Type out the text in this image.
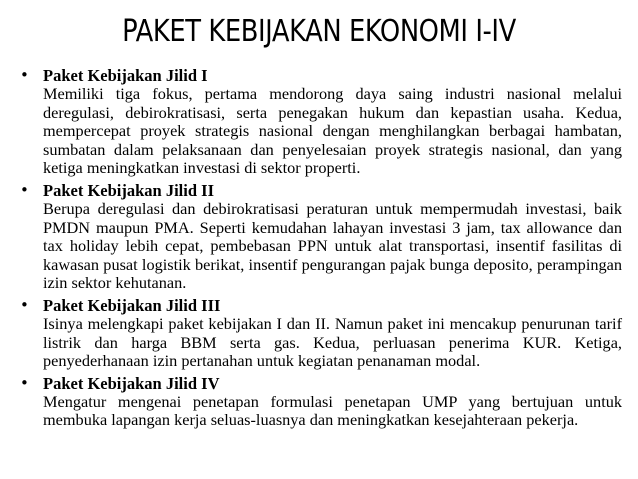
PAKET KEBIJAKAN EKONOMI I-IV
• Paket Kebijakan Jilid I
Memiliki tiga fokus, pertama mendorong daya saing industri nasional melalui deregulasi, debirokratisasi, serta penegakan hukum dan kepastian usaha. Kedua, mempercepat proyek strategis nasional dengan menghilangkan berbagai hambatan, sumbatan dalam pelaksanaan dan penyelesaian proyek strategis nasional, dan yang ketiga meningkatkan investasi di sektor properti.
• Paket Kebijakan Jilid II
Berupa deregulasi dan debirokratisasi peraturan untuk mempermudah investasi, baik PMDN maupun PMA. Seperti kemudahan lahayan investasi 3 jam, tax allowance dan tax holiday lebih cepat, pembebasan PPN untuk alat transportasi, insentif fasilitas di kawasan pusat logistik berikat, insentif pengurangan pajak bunga deposito, perampingan izin sektor kehutanan.
• Paket Kebijakan Jilid III
Isinya melengkapi paket kebijakan I dan II. Namun paket ini mencakup penurunan tarif listrik dan harga BBM serta gas. Kedua, perluasan penerima KUR. Ketiga, penyederhanaan izin pertanahan untuk kegiatan penanaman modal.
• Paket Kebijakan Jilid IV
Mengatur mengenai penetapan formulasi penetapan UMP yang bertujuan untuk membuka lapangan kerja seluas-luasnya dan meningkatkan kesejahteraan pekerja.
